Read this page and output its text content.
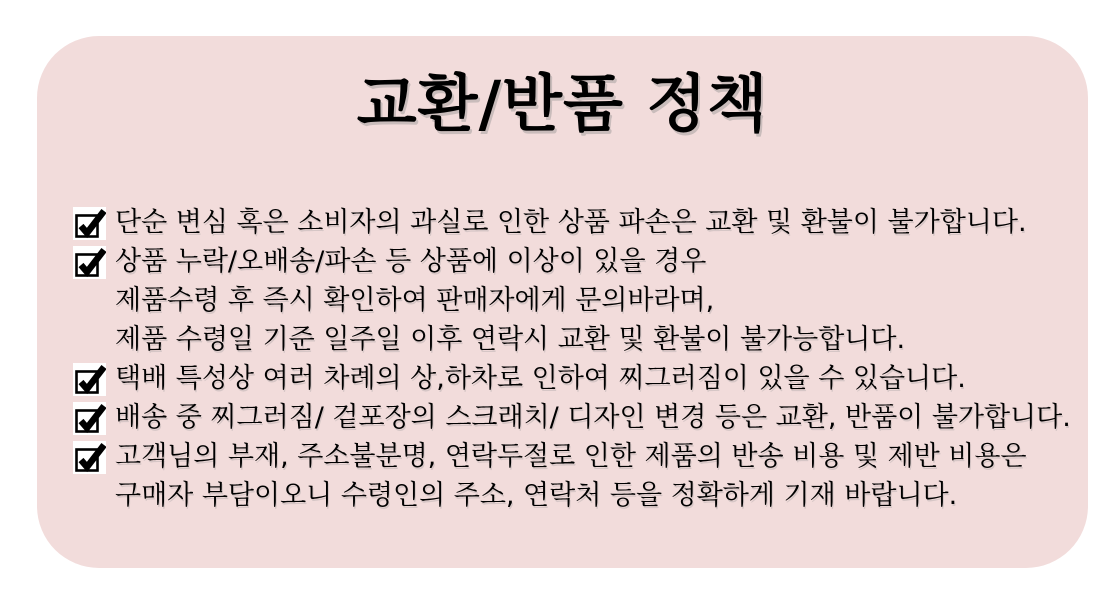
교환/반품 정책
단순 변심 혹은 소비자의 과실로 인한 상품 파손은 교환 및 환불이 불가합니다.
상품 누락/오배송/파손 등 상품에 이상이 있을 경우
제품수령 후 즉시 확인하여 판매자에게 문의바라며,
제품 수령일 기준 일주일 이후 연락시 교환 및 환불이 불가능합니다.
택배 특성상 여러 차례의 상,하차로 인하여 찌그러짐이 있을 수 있습니다.
배송 중 찌그러짐/ 겉포장의 스크래치/ 디자인 변경 등은 교환, 반품이 불가합니다.
고객님의 부재, 주소불분명, 연락두절로 인한 제품의 반송 비용 및 제반 비용은
구매자 부담이오니 수령인의 주소, 연락처 등을 정확하게 기재 바랍니다.
